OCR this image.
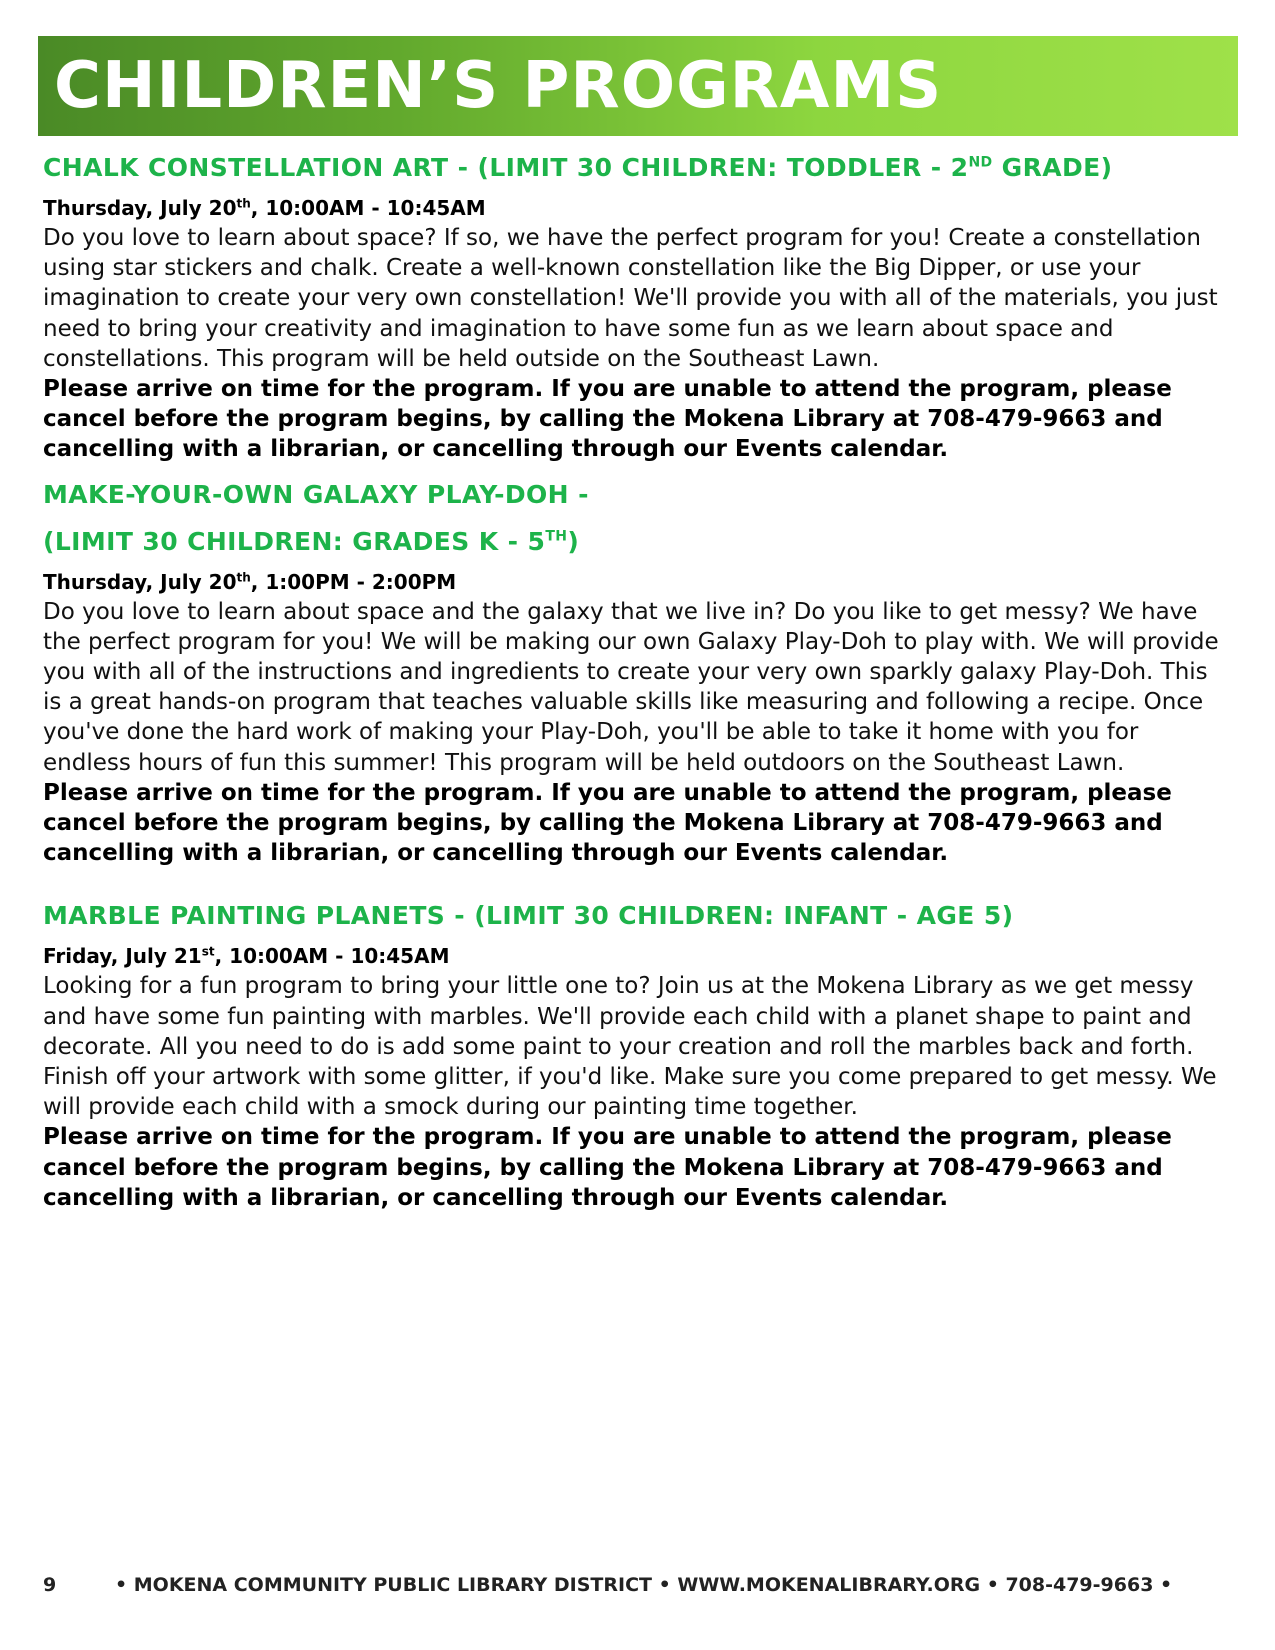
CHILDREN’S PROGRAMS
CHALK CONSTELLATION ART - (LIMIT 30 CHILDREN: TODDLER - 2ND GRADE)

Thursday, July 20th, 10:00AM - 10:45AM

Do you love to learn about space? If so, we have the perfect program for you! Create a constellation using star stickers and chalk. Create a well-known constellation like the Big Dipper, or use your imagination to create your very own constellation! We'll provide you with all of the materials, you just need to bring your creativity and imagination to have some fun as we learn about space and constellations. This program will be held outside on the Southeast Lawn.

Please arrive on time for the program. If you are unable to attend the program, please cancel before the program begins, by calling the Mokena Library at 708-479-9663 and cancelling with a librarian, or cancelling through our Events calendar.

MAKE-YOUR-OWN GALAXY PLAY-DOH -
(LIMIT 30 CHILDREN: GRADES K - 5TH)

Thursday, July 20th, 1:00PM - 2:00PM

Do you love to learn about space and the galaxy that we live in? Do you like to get messy? We have the perfect program for you! We will be making our own Galaxy Play-Doh to play with. We will provide you with all of the instructions and ingredients to create your very own sparkly galaxy Play-Doh. This is a great hands-on program that teaches valuable skills like measuring and following a recipe. Once you've done the hard work of making your Play-Doh, you'll be able to take it home with you for endless hours of fun this summer! This program will be held outdoors on the Southeast Lawn.

Please arrive on time for the program. If you are unable to attend the program, please cancel before the program begins, by calling the Mokena Library at 708-479-9663 and cancelling with a librarian, or cancelling through our Events calendar.

MARBLE PAINTING PLANETS - (LIMIT 30 CHILDREN: INFANT - AGE 5)

Friday, July 21st, 10:00AM - 10:45AM

Looking for a fun program to bring your little one to? Join us at the Mokena Library as we get messy and have some fun painting with marbles. We'll provide each child with a planet shape to paint and decorate. All you need to do is add some paint to your creation and roll the marbles back and forth. Finish off your artwork with some glitter, if you'd like. Make sure you come prepared to get messy. We will provide each child with a smock during our painting time together.

Please arrive on time for the program. If you are unable to attend the program, please cancel before the program begins, by calling the Mokena Library at 708-479-9663 and cancelling with a librarian, or cancelling through our Events calendar.

9	• MOKENA COMMUNITY PUBLIC LIBRARY DISTRICT • WWW.MOKENALIBRARY.ORG • 708-479-9663 •
